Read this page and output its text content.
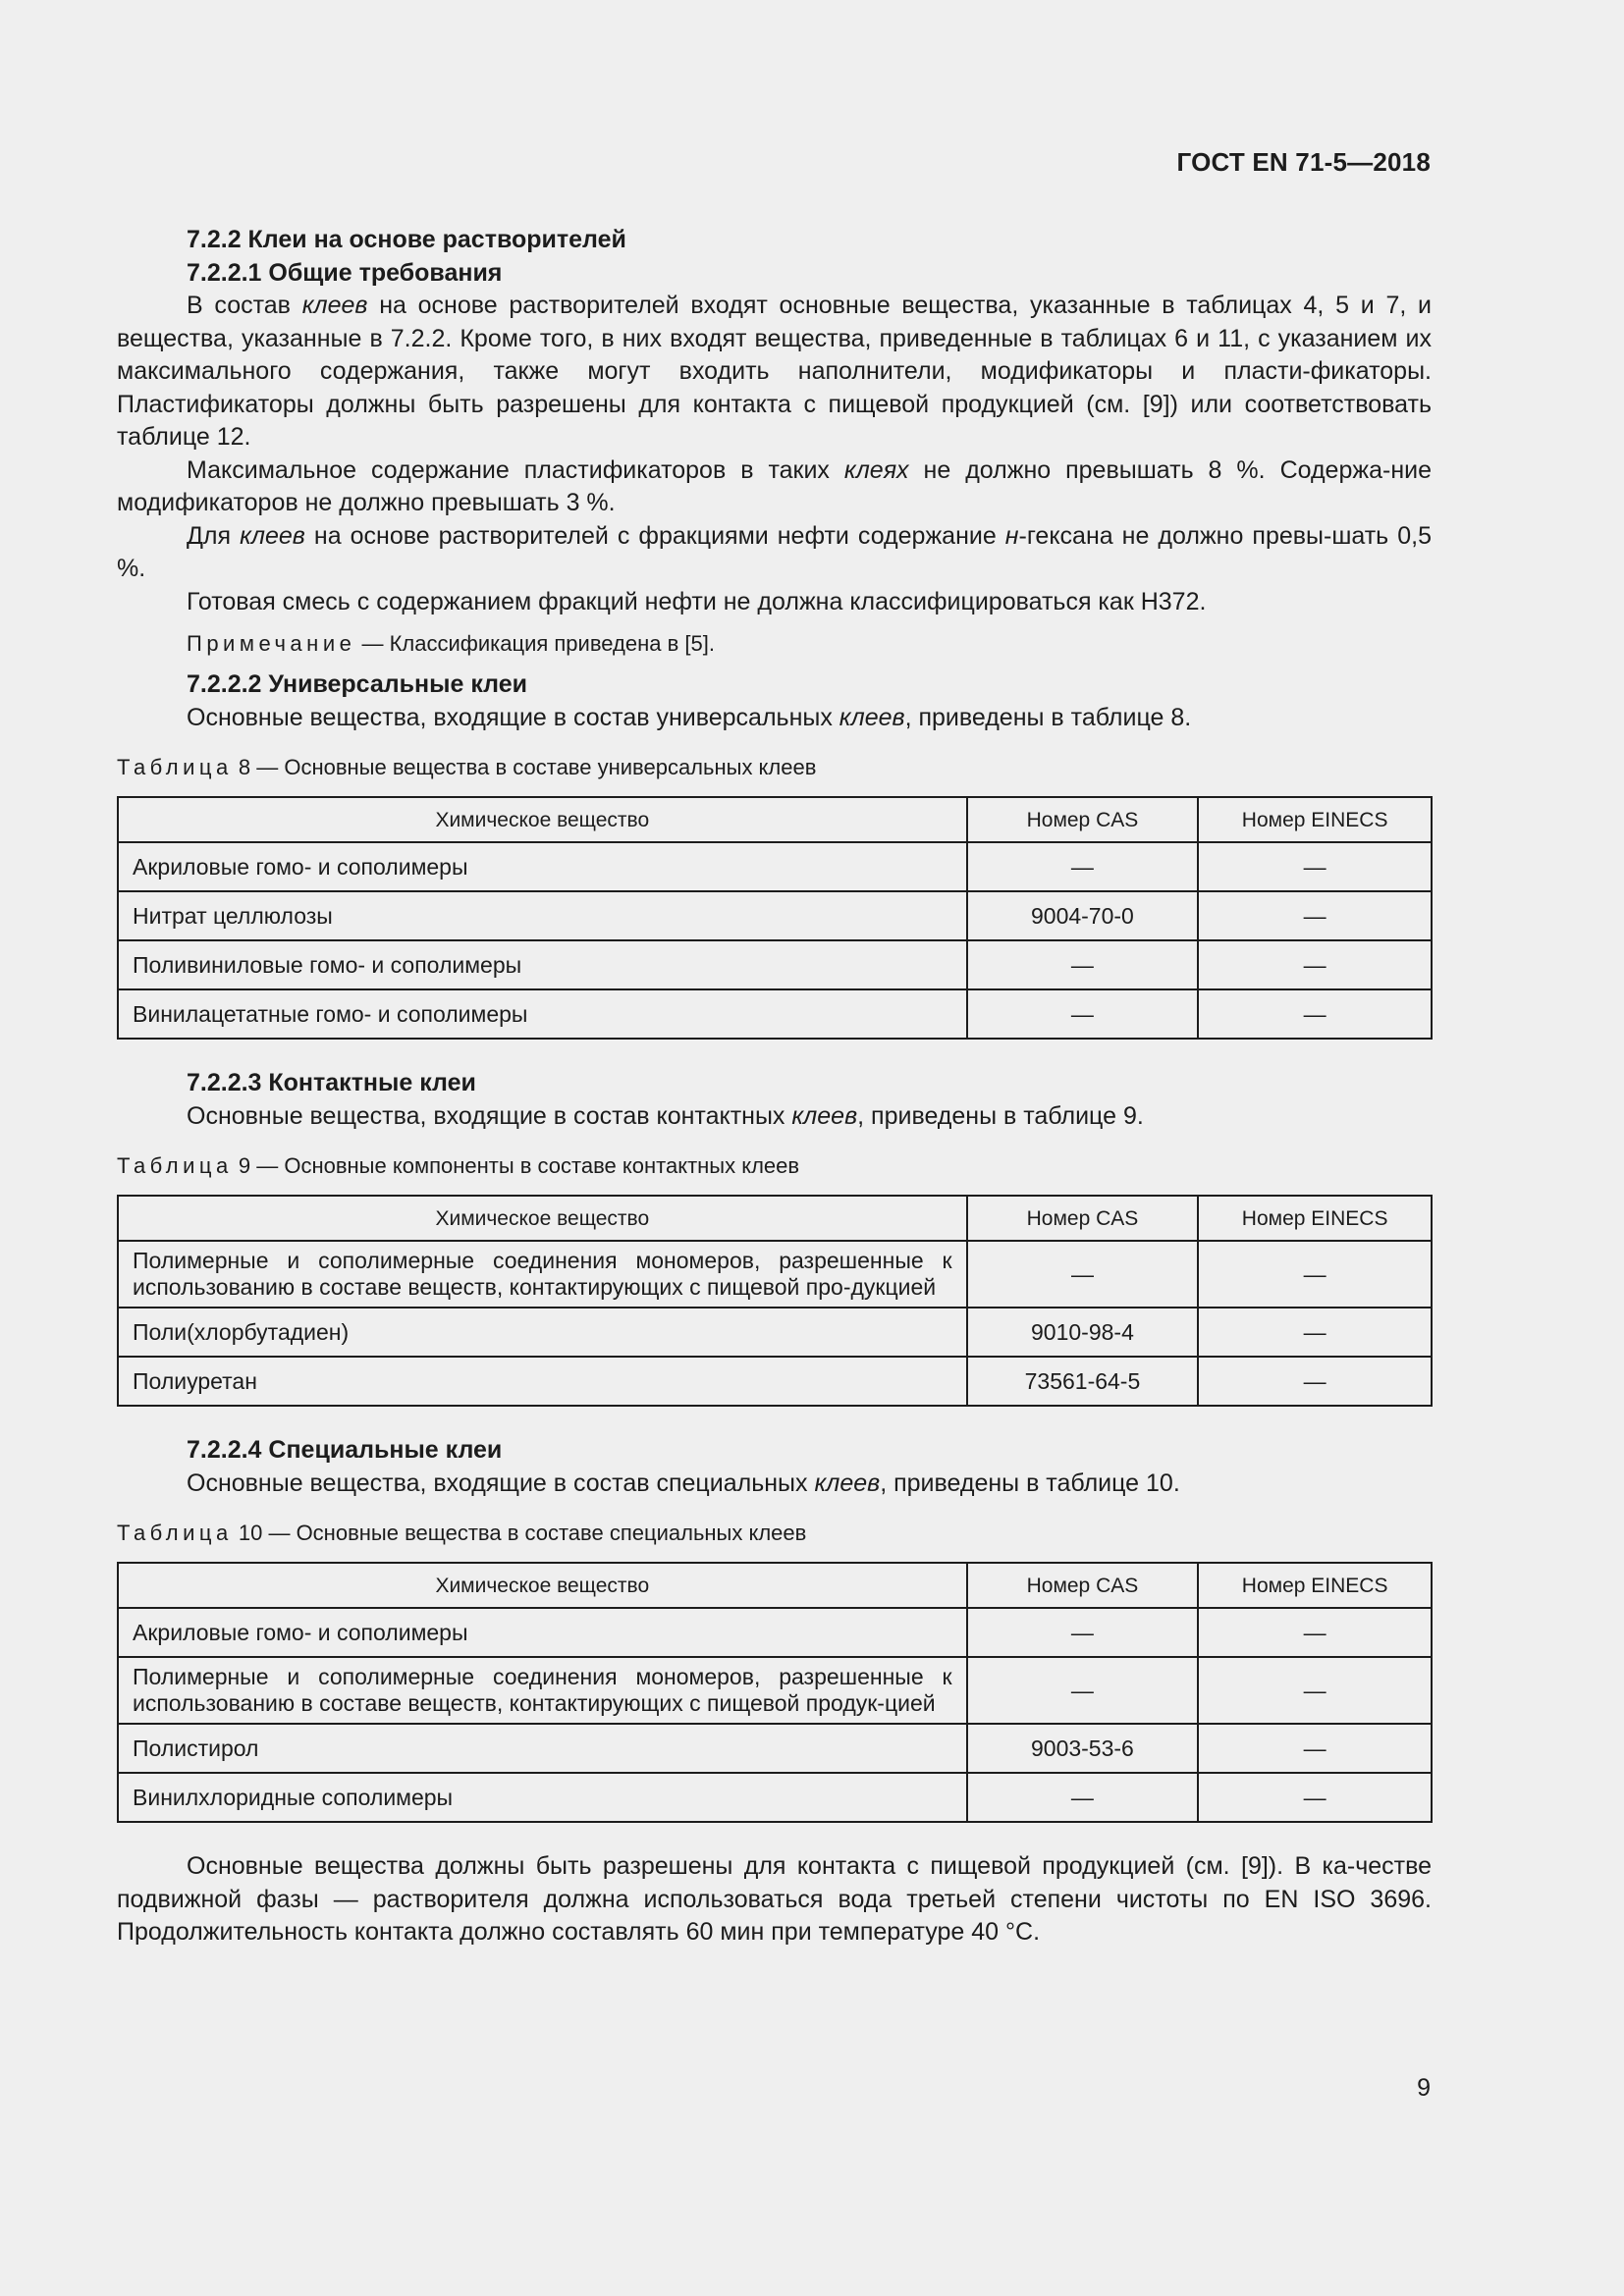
ГОСТ EN 71-5—2018

7.2.2 Клеи на основе растворителей

7.2.2.1 Общие требования

В состав клеев на основе растворителей входят основные вещества, указанные в таблицах 4, 5 и 7, и вещества, указанные в 7.2.2. Кроме того, в них входят вещества, приведенные в таблицах 6 и 11, с указанием их максимального содержания, также могут входить наполнители, модификаторы и пласти-фикаторы. Пластификаторы должны быть разрешены для контакта с пищевой продукцией (см. [9]) или соответствовать таблице 12.

Максимальное содержание пластификаторов в таких клеях не должно превышать 8 %. Содержа-ние модификаторов не должно превышать 3 %.

Для клеев на основе растворителей с фракциями нефти содержание н-гексана не должно превы-шать 0,5 %.

Готовая смесь с содержанием фракций нефти не должна классифицироваться как H372.

Примечание — Классификация приведена в [5].

7.2.2.2 Универсальные клеи

Основные вещества, входящие в состав универсальных клеев, приведены в таблице 8.

Таблица 8 — Основные вещества в составе универсальных клеев

Химическое вещество	Номер CAS	Номер EINECS
Акриловые гомо- и сополимеры	—	—
Нитрат целлюлозы	9004-70-0	—
Поливиниловые гомо- и сополимеры	—	—
Винилацетатные гомо- и сополимеры	—	—

7.2.2.3 Контактные клеи

Основные вещества, входящие в состав контактных клеев, приведены в таблице 9.

Таблица 9 — Основные компоненты в составе контактных клеев

Химическое вещество	Номер CAS	Номер EINECS
Полимерные и сополимерные соединения мономеров, разрешенные к использованию в составе веществ, контактирующих с пищевой про-дукцией	—	—
Поли(хлорбутадиен)	9010-98-4	—
Полиуретан	73561-64-5	—

7.2.2.4 Специальные клеи

Основные вещества, входящие в состав специальных клеев, приведены в таблице 10.

Таблица 10 — Основные вещества в составе специальных клеев

Химическое вещество	Номер CAS	Номер EINECS
Акриловые гомо- и сополимеры	—	—
Полимерные и сополимерные соединения мономеров, разрешенные к использованию в составе веществ, контактирующих с пищевой продук-цией	—	—
Полистирол	9003-53-6	—
Винилхлоридные сополимеры	—	—

Основные вещества должны быть разрешены для контакта с пищевой продукцией (см. [9]). В ка-честве подвижной фазы — растворителя должна использоваться вода третьей степени чистоты по EN ISO 3696. Продолжительность контакта должно составлять 60 мин при температуре 40 °С.

9
